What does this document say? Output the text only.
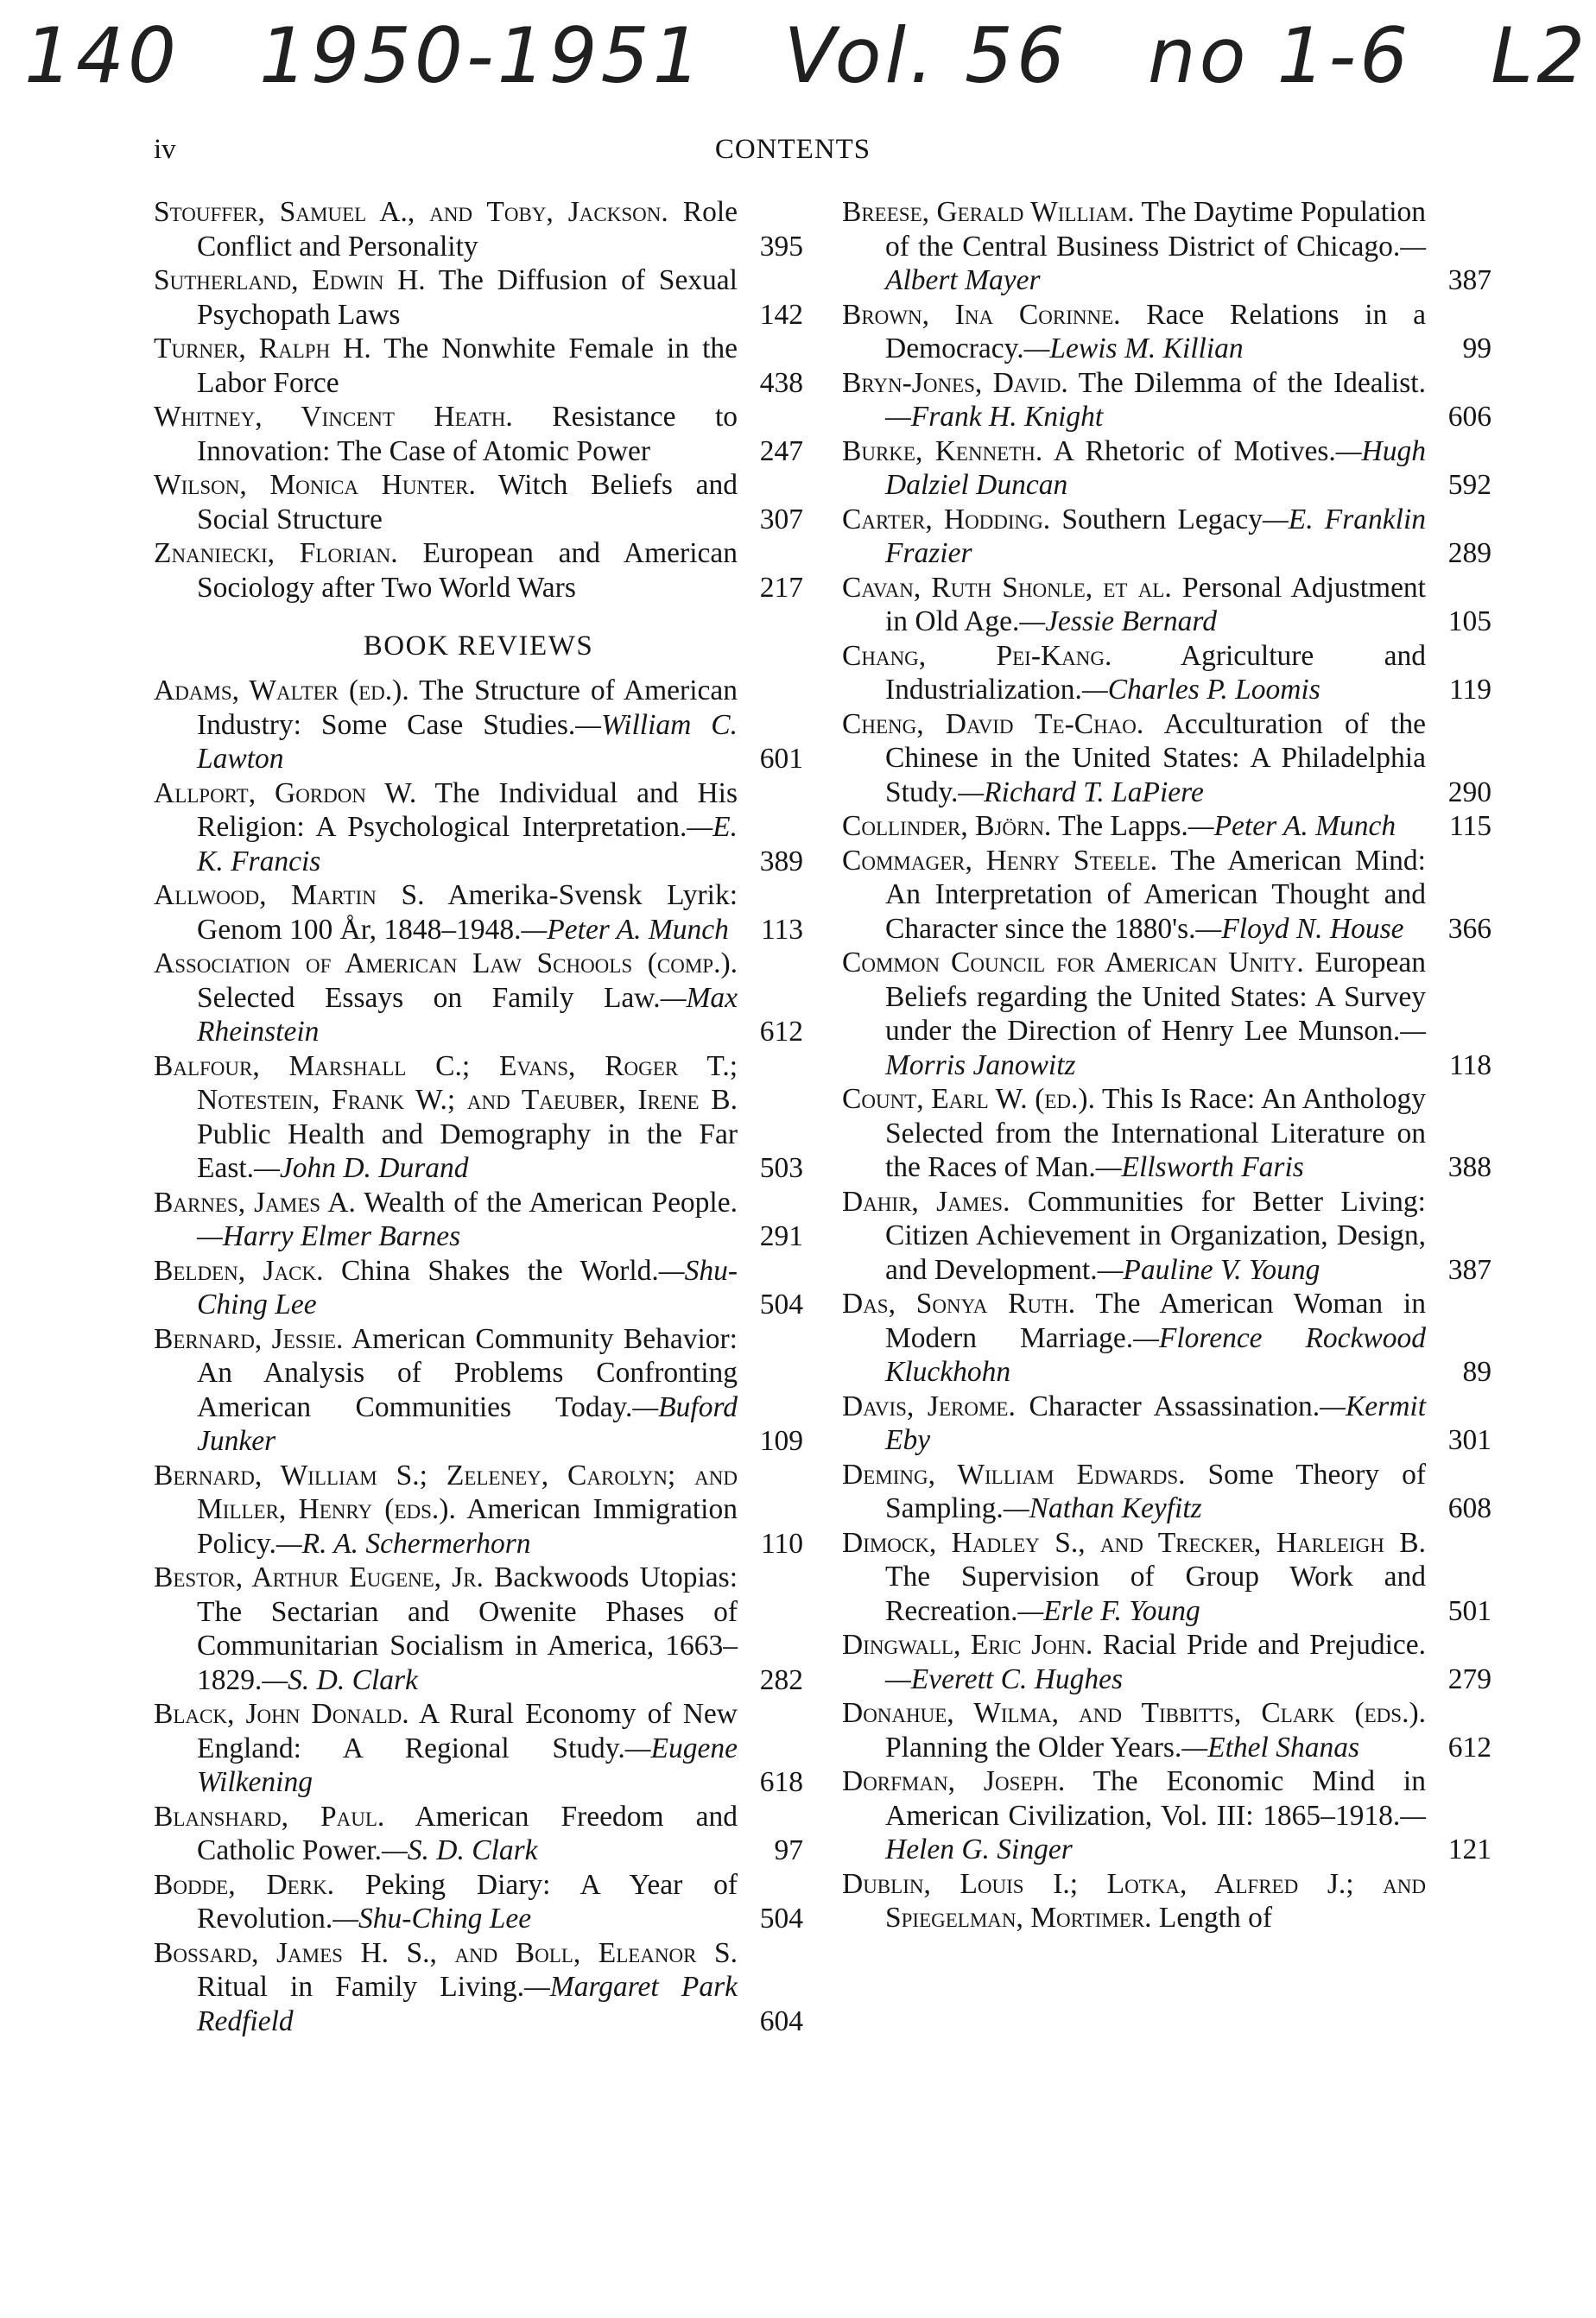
140 1950-1951 Vol. 56 no 1-6 L2
iv	CONTENTS
Stouffer, Samuel A., and Toby, Jackson. Role Conflict and Personality	395
Sutherland, Edwin H. The Diffusion of Sexual Psychopath Laws	142
Turner, Ralph H. The Nonwhite Female in the Labor Force	438
Whitney, Vincent Heath. Resistance to Innovation: The Case of Atomic Power	247
Wilson, Monica Hunter. Witch Beliefs and Social Structure	307
Znaniecki, Florian. European and American Sociology after Two World Wars	217
BOOK REVIEWS
Adams, Walter (ed.). The Structure of American Industry: Some Case Studies.—William C. Lawton	601
Allport, Gordon W. The Individual and His Religion: A Psychological Interpretation.—E. K. Francis	389
Allwood, Martin S. Amerika-Svensk Lyrik: Genom 100 År, 1848–1948.—Peter A. Munch	113
Association of American Law Schools (comp.). Selected Essays on Family Law.—Max Rheinstein	612
Balfour, Marshall C.; Evans, Roger T.; Notestein, Frank W.; and Taeuber, Irene B. Public Health and Demography in the Far East.—John D. Durand	503
Barnes, James A. Wealth of the American People.—Harry Elmer Barnes	291
Belden, Jack. China Shakes the World.—Shu-Ching Lee	504
Bernard, Jessie. American Community Behavior: An Analysis of Problems Confronting American Communities Today.—Buford Junker	109
Bernard, William S.; Zeleney, Carolyn; and Miller, Henry (eds.). American Immigration Policy.—R. A. Schermerhorn	110
Bestor, Arthur Eugene, Jr. Backwoods Utopias: The Sectarian and Owenite Phases of Communitarian Socialism in America, 1663–1829.—S. D. Clark	282
Black, John Donald. A Rural Economy of New England: A Regional Study.—Eugene Wilkening	618
Blanshard, Paul. American Freedom and Catholic Power.—S. D. Clark	97
Bodde, Derk. Peking Diary: A Year of Revolution.—Shu-Ching Lee	504
Bossard, James H. S., and Boll, Eleanor S. Ritual in Family Living.—Margaret Park Redfield	604
Breese, Gerald William. The Daytime Population of the Central Business District of Chicago.—Albert Mayer	387
Brown, Ina Corinne. Race Relations in a Democracy.—Lewis M. Killian	99
Bryn-Jones, David. The Dilemma of the Idealist.—Frank H. Knight	606
Burke, Kenneth. A Rhetoric of Motives.—Hugh Dalziel Duncan	592
Carter, Hodding. Southern Legacy—E. Franklin Frazier	289
Cavan, Ruth Shonle, et al. Personal Adjustment in Old Age.—Jessie Bernard	105
Chang, Pei-Kang. Agriculture and Industrialization.—Charles P. Loomis	119
Cheng, David Te-Chao. Acculturation of the Chinese in the United States: A Philadelphia Study.—Richard T. LaPiere	290
Collinder, Björn. The Lapps.—Peter A. Munch	115
Commager, Henry Steele. The American Mind: An Interpretation of American Thought and Character since the 1880's.—Floyd N. House	366
Common Council for American Unity. European Beliefs regarding the United States: A Survey under the Direction of Henry Lee Munson.—Morris Janowitz	118
Count, Earl W. (ed.). This Is Race: An Anthology Selected from the International Literature on the Races of Man.—Ellsworth Faris	388
Dahir, James. Communities for Better Living: Citizen Achievement in Organization, Design, and Development.—Pauline V. Young	387
Das, Sonya Ruth. The American Woman in Modern Marriage.—Florence Rockwood Kluckhohn	89
Davis, Jerome. Character Assassination.—Kermit Eby	301
Deming, William Edwards. Some Theory of Sampling.—Nathan Keyfitz	608
Dimock, Hadley S., and Trecker, Harleigh B. The Supervision of Group Work and Recreation.—Erle F. Young	501
Dingwall, Eric John. Racial Pride and Prejudice.—Everett C. Hughes	279
Donahue, Wilma, and Tibbitts, Clark (eds.). Planning the Older Years.—Ethel Shanas	612
Dorfman, Joseph. The Economic Mind in American Civilization, Vol. III: 1865–1918.—Helen G. Singer	121
Dublin, Louis I.; Lotka, Alfred J.; and Spiegelman, Mortimer. Length of
